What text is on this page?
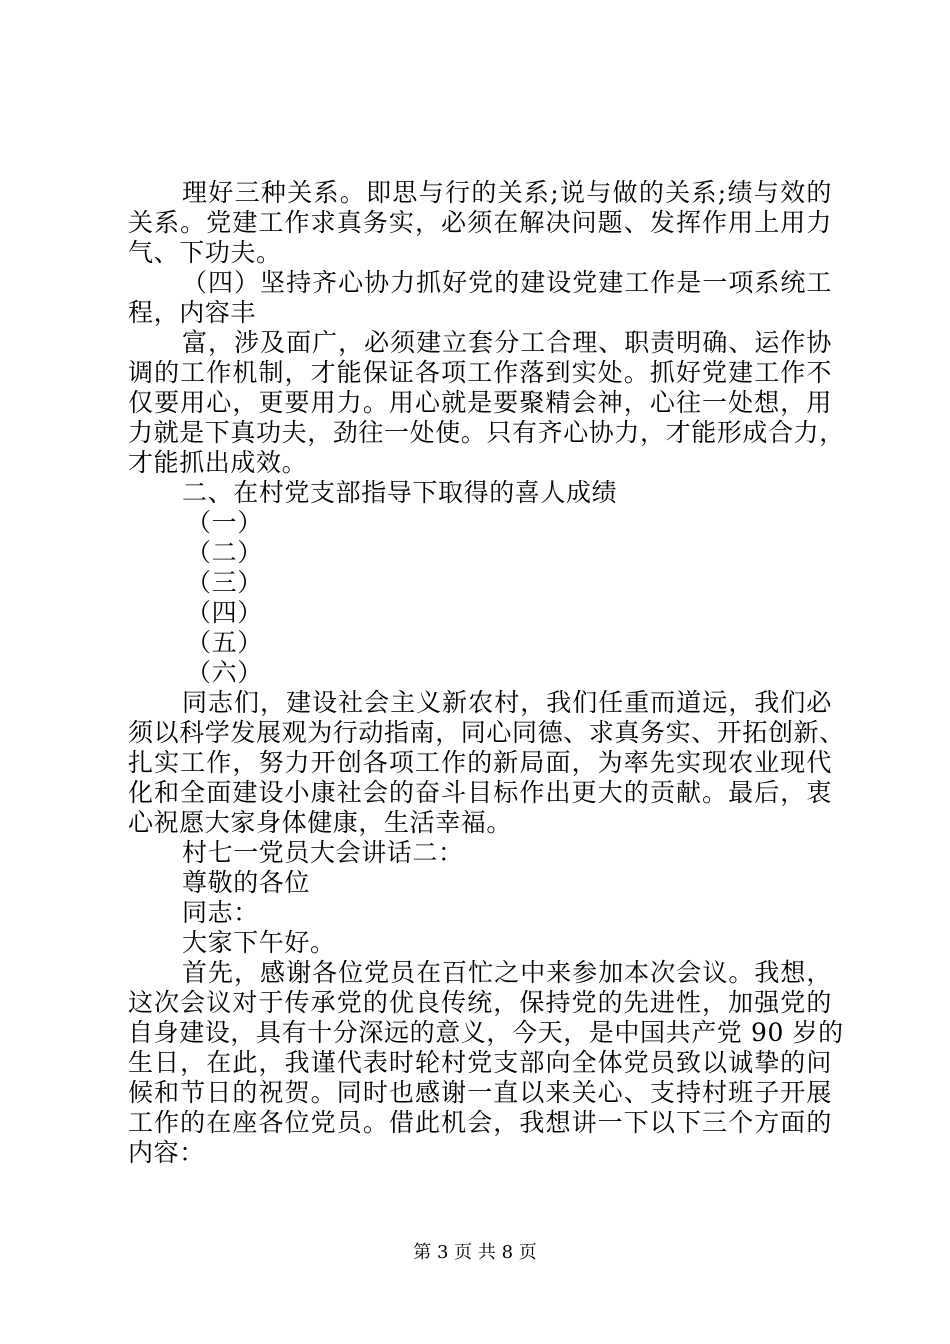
理好三种关系。即思与行的关系;说与做的关系;绩与效的
关系。党建工作求真务实，必须在解决问题、发挥作用上用力
气、下功夫。
（四）坚持齐心协力抓好党的建设党建工作是一项系统工
程，内容丰
富，涉及面广，必须建立套分工合理、职责明确、运作协
调的工作机制，才能保证各项工作落到实处。抓好党建工作不
仅要用心，更要用力。用心就是要聚精会神，心往一处想，用
力就是下真功夫，劲往一处使。只有齐心协力，才能形成合力，
才能抓出成效。
二、在村党支部指导下取得的喜人成绩
（一）
（二）
（三）
（四）
（五）
（六）
同志们，建设社会主义新农村，我们任重而道远，我们必
须以科学发展观为行动指南，同心同德、求真务实、开拓创新、
扎实工作，努力开创各项工作的新局面，为率先实现农业现代
化和全面建设小康社会的奋斗目标作出更大的贡献。最后，衷
心祝愿大家身体健康，生活幸福。
村七一党员大会讲话二：
尊敬的各位
同志：
大家下午好。
首先，感谢各位党员在百忙之中来参加本次会议。我想，
这次会议对于传承党的优良传统，保持党的先进性，加强党的
自身建设，具有十分深远的意义，今天，是中国共产党 90 岁的
生日，在此，我谨代表时轮村党支部向全体党员致以诚挚的问
候和节日的祝贺。同时也感谢一直以来关心、支持村班子开展
工作的在座各位党员。借此机会，我想讲一下以下三个方面的
内容：
第 3 页 共 8 页
